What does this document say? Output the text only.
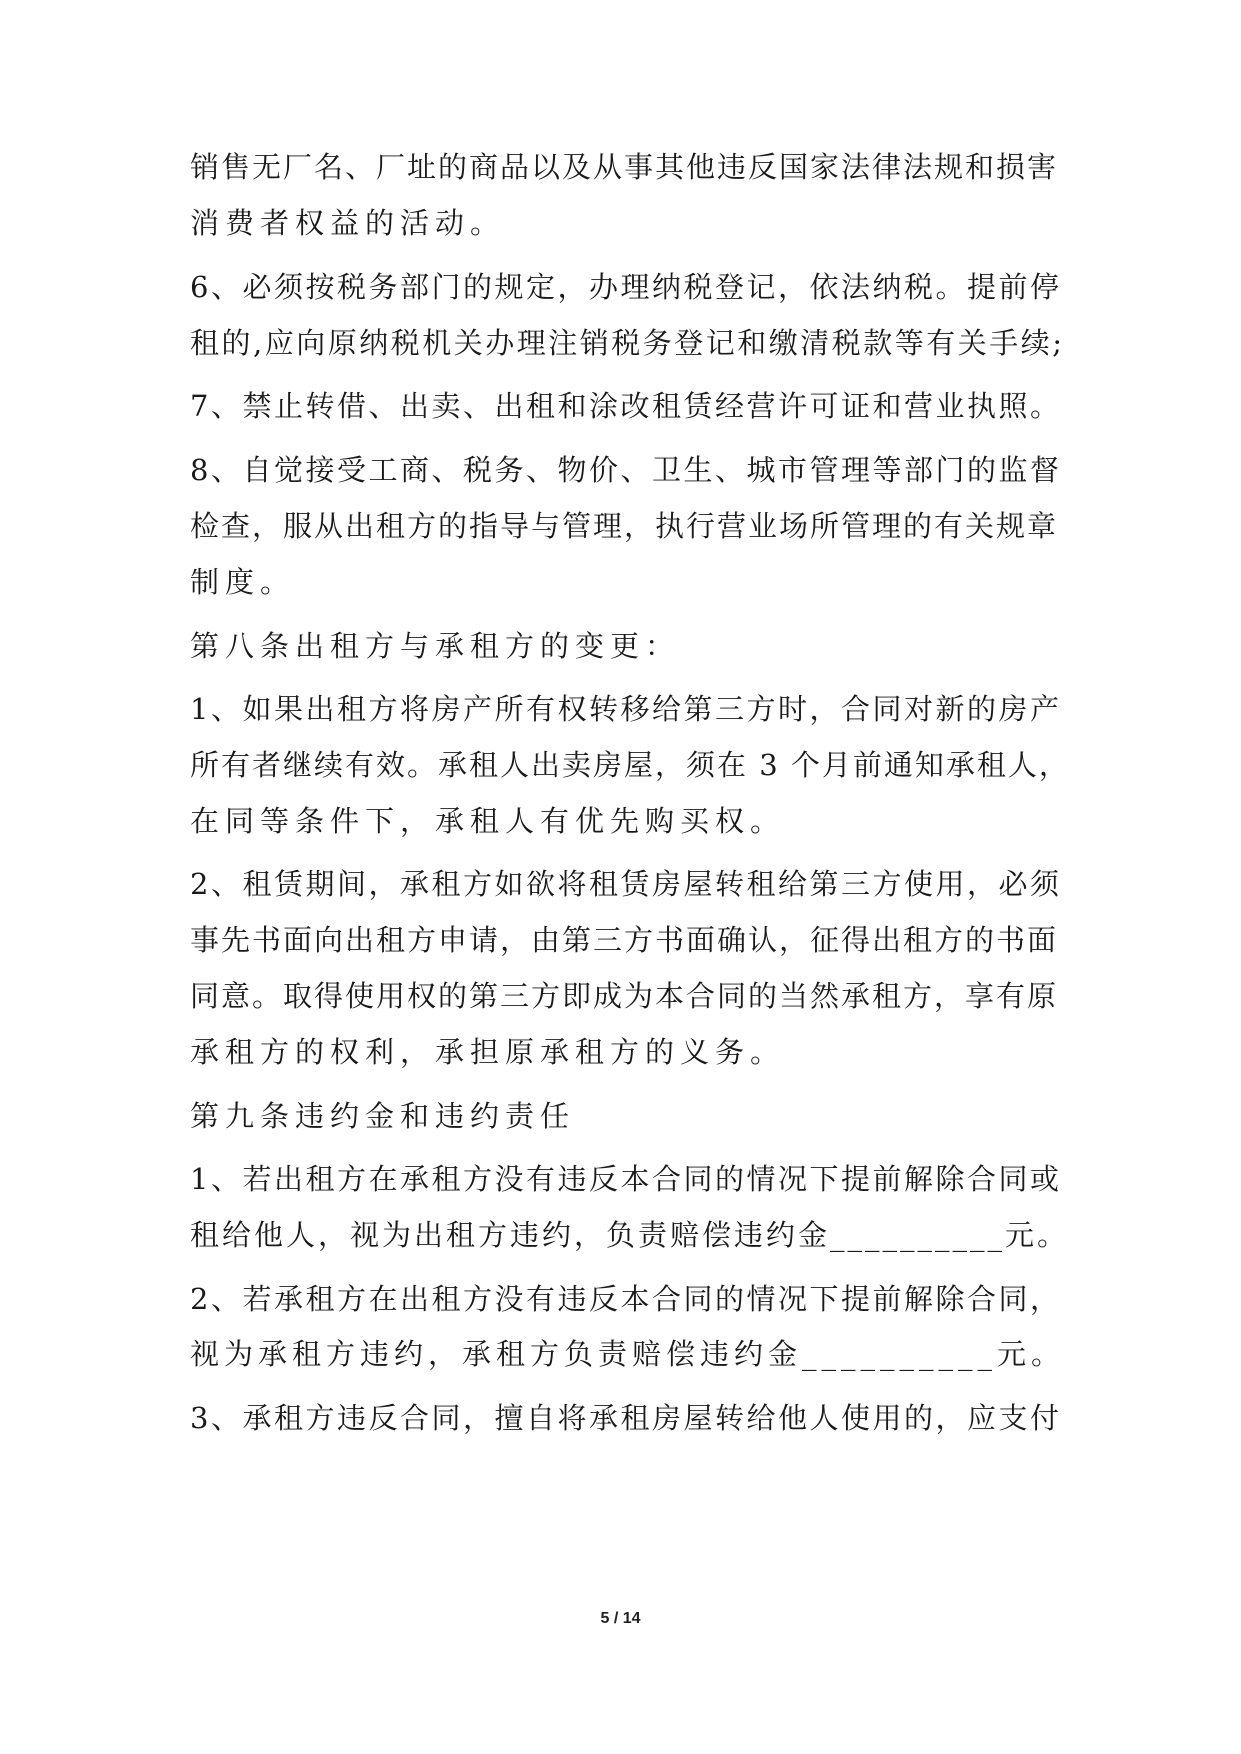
销售无厂名、厂址的商品以及从事其他违反国家法律法规和损害
消费者权益的活动。
6、必须按税务部门的规定，办理纳税登记，依法纳税。提前停
租的,应向原纳税机关办理注销税务登记和缴清税款等有关手续;
7、禁止转借、出卖、出租和涂改租赁经营许可证和营业执照。
8、自觉接受工商、税务、物价、卫生、城市管理等部门的监督
检查，服从出租方的指导与管理，执行营业场所管理的有关规章
制度。
第八条出租方与承租方的变更：
1、如果出租方将房产所有权转移给第三方时，合同对新的房产
所有者继续有效。承租人出卖房屋，须在 3 个月前通知承租人，
在同等条件下，承租人有优先购买权。
2、租赁期间，承租方如欲将租赁房屋转租给第三方使用，必须
事先书面向出租方申请，由第三方书面确认，征得出租方的书面
同意。取得使用权的第三方即成为本合同的当然承租方，享有原
承租方的权利，承担原承租方的义务。
第九条违约金和违约责任
1、若出租方在承租方没有违反本合同的情况下提前解除合同或
租给他人，视为出租方违约，负责赔偿违约金__________元。
2、若承租方在出租方没有违反本合同的情况下提前解除合同，
视为承租方违约，承租方负责赔偿违约金__________元。
3、承租方违反合同，擅自将承租房屋转给他人使用的，应支付
5 / 14
